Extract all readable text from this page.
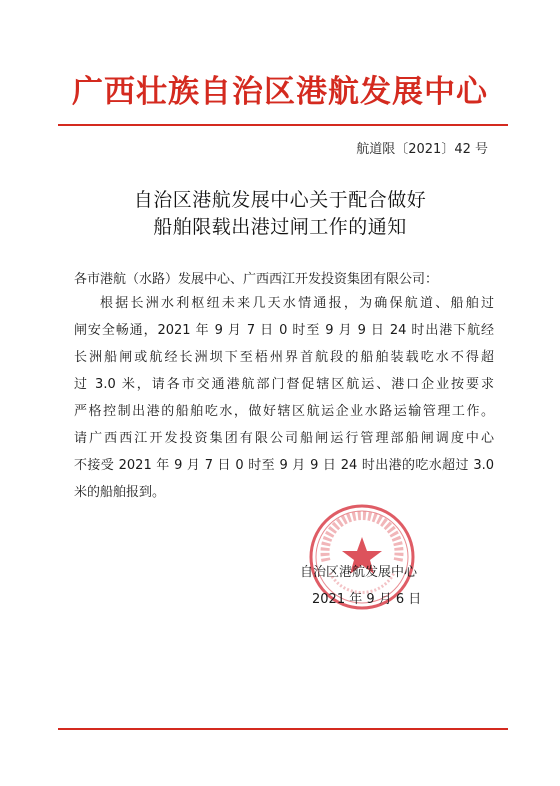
广西壮族自治区港航发展中心
航道限〔2021〕42 号
自治区港航发展中心关于配合做好
船舶限载出港过闸工作的通知
各市港航（水路）发展中心、广西西江开发投资集团有限公司：
根据长洲水利枢纽未来几天水情通报，为确保航道、船舶过
闸安全畅通，2021 年 9 月 7 日 0 时至 9 月 9 日 24 时出港下航经
长洲船闸或航经长洲坝下至梧州界首航段的船舶装载吃水不得超
过 3.0 米，请各市交通港航部门督促辖区航运、港口企业按要求
严格控制出港的船舶吃水，做好辖区航运企业水路运输管理工作。
请广西西江开发投资集团有限公司船闸运行管理部船闸调度中心
不接受 2021 年 9 月 7 日 0 时至 9 月 9 日 24 时出港的吃水超过 3.0
米的船舶报到。
自治区港航发展中心
2021 年 9 月 6 日
